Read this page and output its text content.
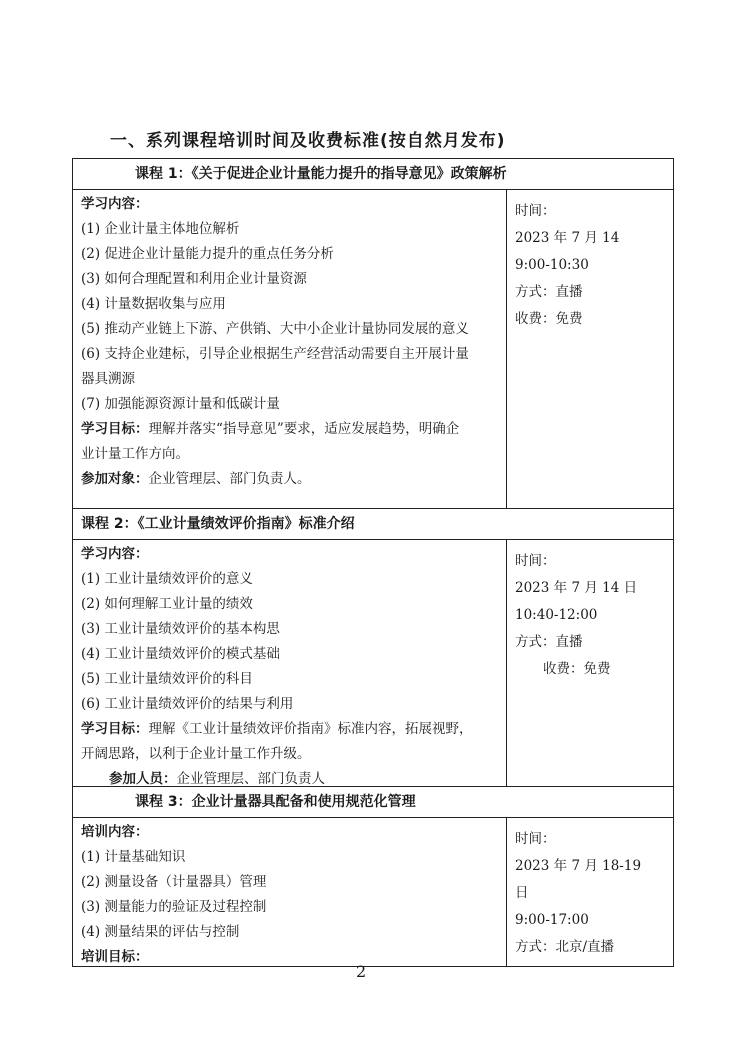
一、系列课程培训时间及收费标准(按自然月发布)
课程 1：《关于促进企业计量能力提升的指导意见》政策解析
学习内容：
(1) 企业计量主体地位解析
(2) 促进企业计量能力提升的重点任务分析
(3) 如何合理配置和利用企业计量资源
(4) 计量数据收集与应用
(5) 推动产业链上下游、产供销、大中小企业计量协同发展的意义
(6) 支持企业建标，引导企业根据生产经营活动需要自主开展计量
器具溯源
(7) 加强能源资源计量和低碳计量
学习目标：理解并落实“指导意见”要求，适应发展趋势，明确企
业计量工作方向。
参加对象：企业管理层、部门负责人。
时间：
2023 年 7 月 14
9:00-10:30
方式：直播
收费：免费
课程 2：《工业计量绩效评价指南》标准介绍
学习内容：
(1) 工业计量绩效评价的意义
(2) 如何理解工业计量的绩效
(3) 工业计量绩效评价的基本构思
(4) 工业计量绩效评价的模式基础
(5) 工业计量绩效评价的科目
(6) 工业计量绩效评价的结果与利用
学习目标：理解《工业计量绩效评价指南》标准内容，拓展视野，
开阔思路，以利于企业计量工作升级。
参加人员：企业管理层、部门负责人
时间：
2023 年 7 月 14 日
10:40-12:00
方式：直播
收费：免费
课程 3：企业计量器具配备和使用规范化管理
培训内容：
(1) 计量基础知识
(2) 测量设备（计量器具）管理
(3) 测量能力的验证及过程控制
(4) 测量结果的评估与控制
培训目标：
时间：
2023 年 7 月 18-19
日
9:00-17:00
方式：北京/直播
2
